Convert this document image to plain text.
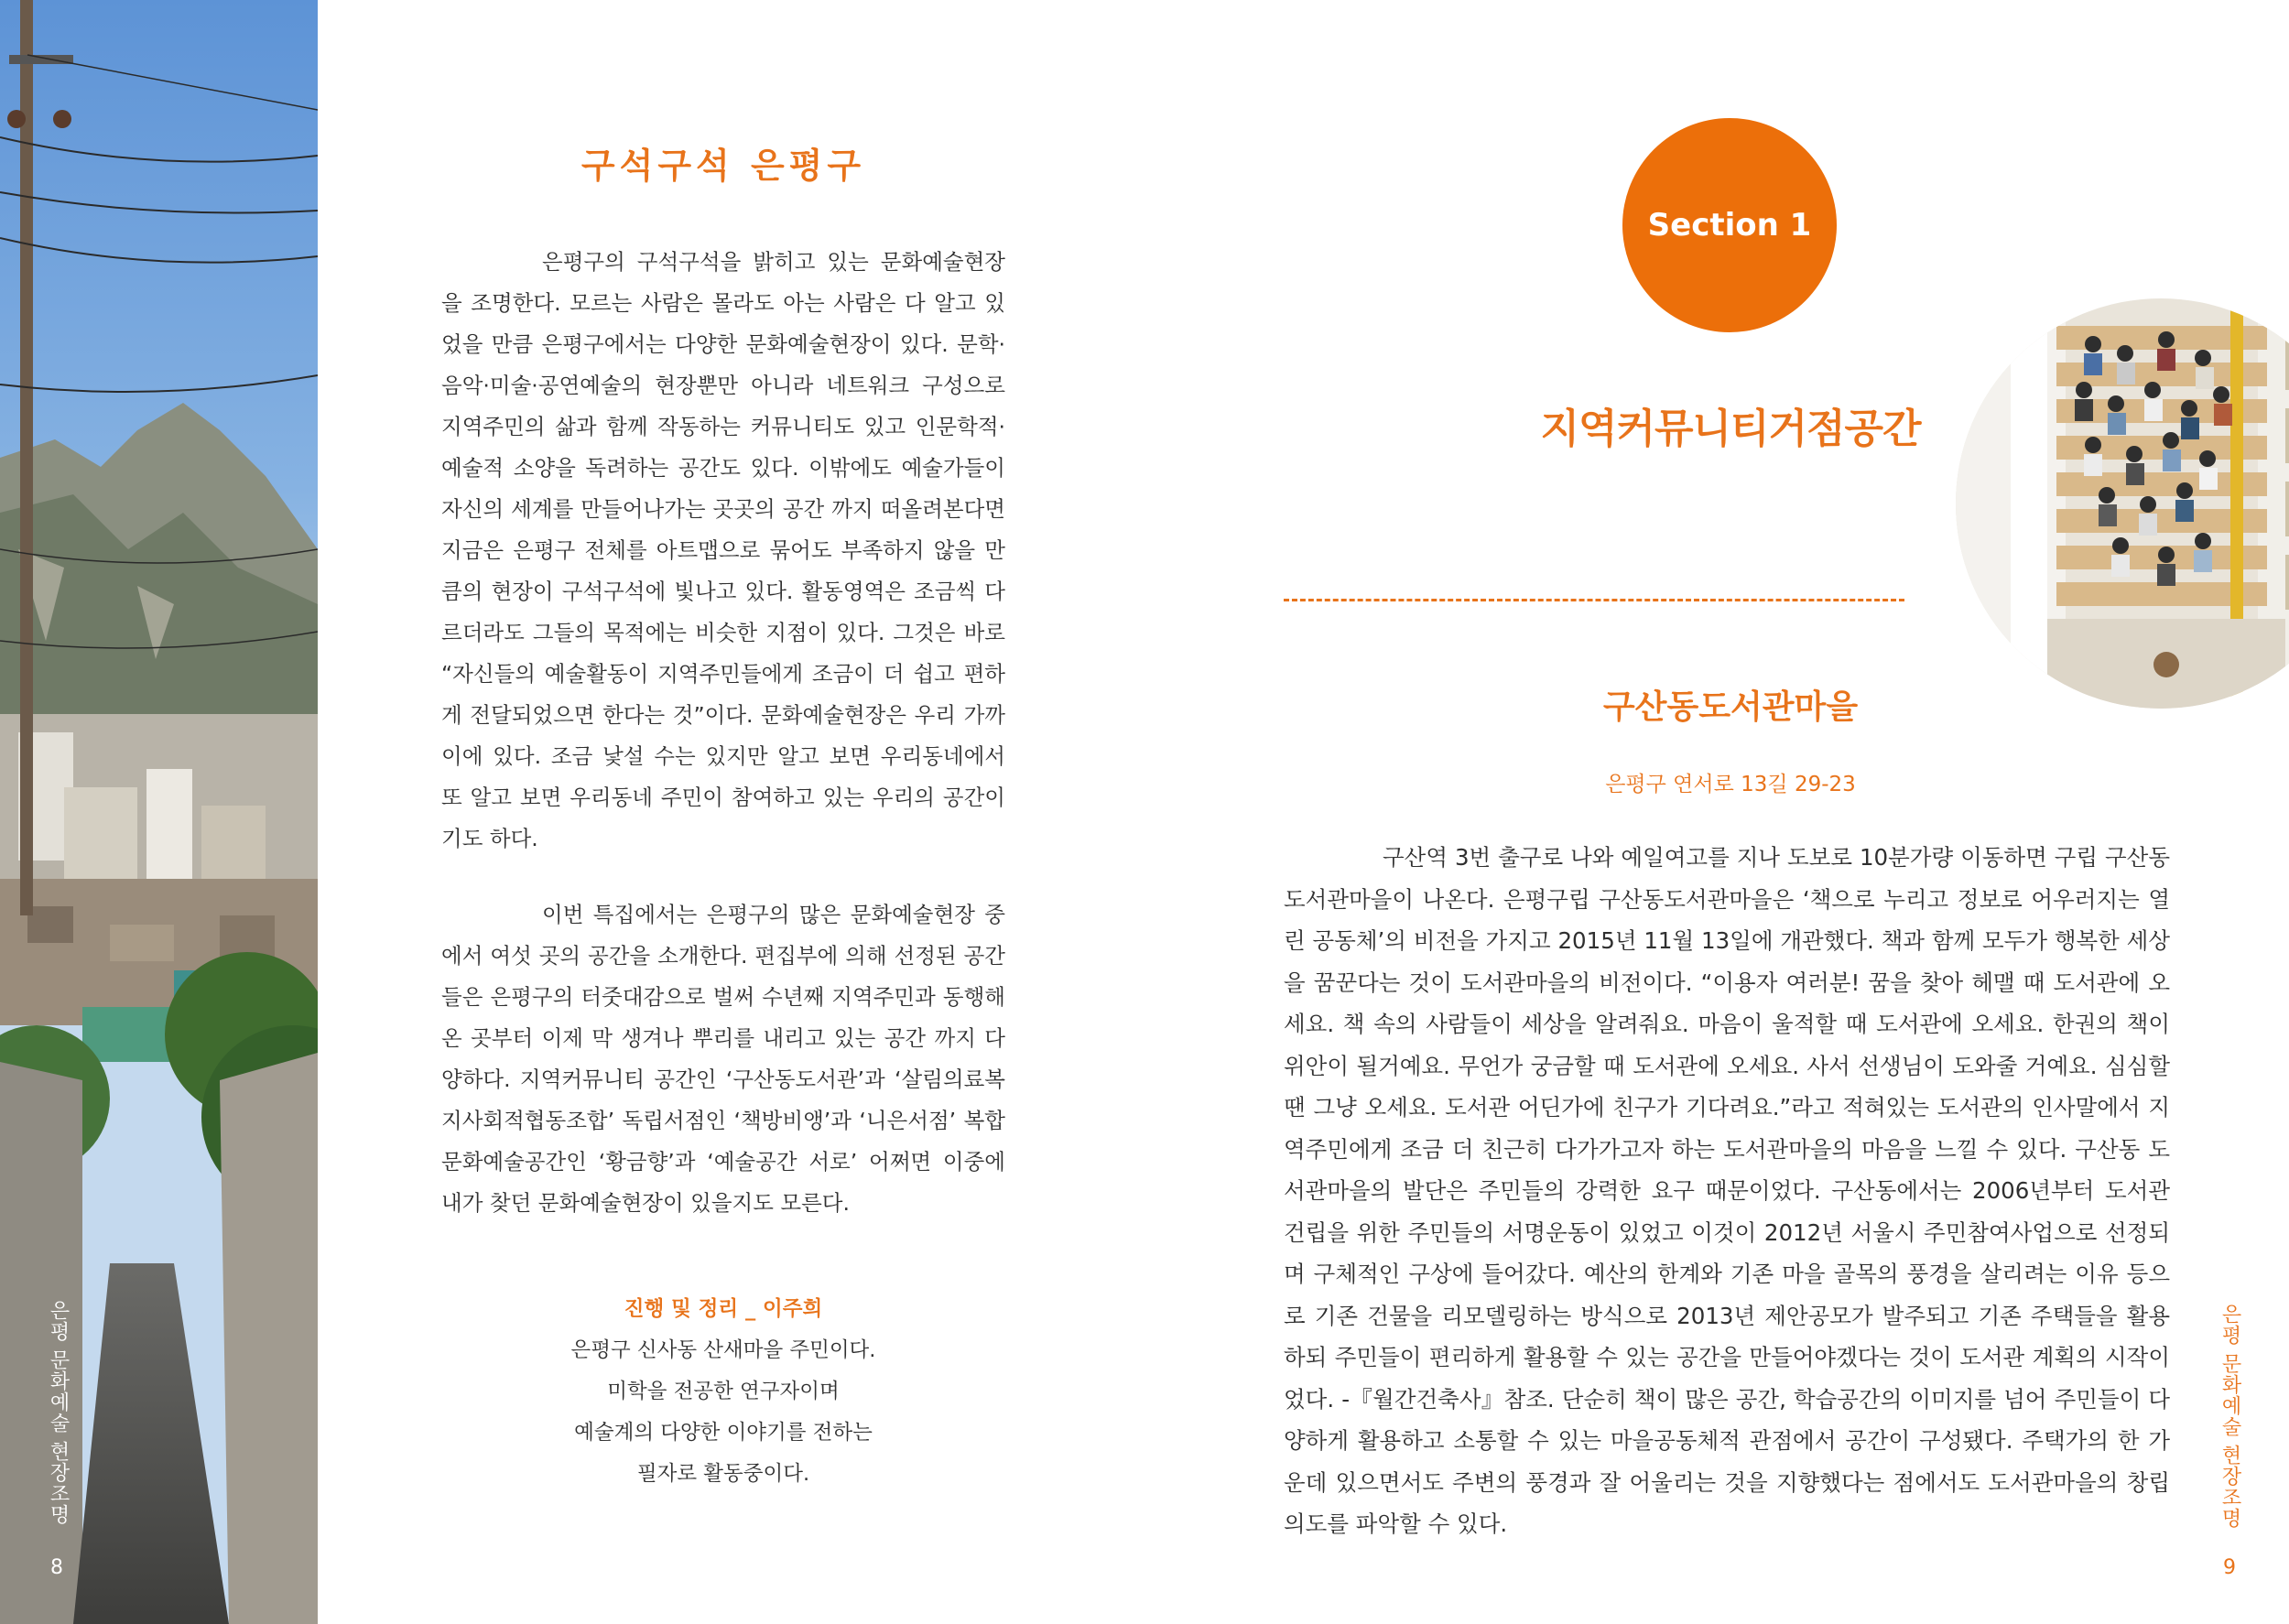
은평 문화예술 현장조명
8
구석구석 은평구

은평구의 구석구석을 밝히고 있는 문화예술현장을 조명한다. 모르는 사람은 몰라도 아는 사람은 다 알고 있었을 만큼 은평구에서는 다양한 문화예술현장이 있다. 문학·음악·미술·공연예술의 현장뿐만 아니라 네트워크 구성으로 지역주민의 삶과 함께 작동하는 커뮤니티도 있고 인문학적·예술적 소양을 독려하는 공간도 있다. 이밖에도 예술가들이 자신의 세계를 만들어나가는 곳곳의 공간 까지 떠올려본다면 지금은 은평구 전체를 아트맵으로 묶어도 부족하지 않을 만큼의 현장이 구석구석에 빛나고 있다. 활동영역은 조금씩 다르더라도 그들의 목적에는 비슷한 지점이 있다. 그것은 바로 “자신들의 예술활동이 지역주민들에게 조금이 더 쉽고 편하게 전달되었으면 한다는 것”이다. 문화예술현장은 우리 가까이에 있다. 조금 낯설 수는 있지만 알고 보면 우리동네에서 또 알고 보면 우리동네 주민이 참여하고 있는 우리의 공간이기도 하다.

이번 특집에서는 은평구의 많은 문화예술현장 중에서 여섯 곳의 공간을 소개한다. 편집부에 의해 선정된 공간들은 은평구의 터줏대감으로 벌써 수년째 지역주민과 동행해온 곳부터 이제 막 생겨나 뿌리를 내리고 있는 공간 까지 다양하다. 지역커뮤니티 공간인 ‘구산동도서관’과 ‘살림의료복지사회적협동조합’ 독립서점인 ‘책방비앵’과 ‘니은서점’ 복합문화예술공간인 ‘황금향’과 ‘예술공간 서로’ 어쩌면 이중에 내가 찾던 문화예술현장이 있을지도 모른다.

진행 및 정리 _ 이주희
은평구 신사동 산새마을 주민이다.
미학을 전공한 연구자이며
예술계의 다양한 이야기를 전하는
필자로 활동중이다.
Section 1
지역커뮤니티거점공간
구산동도서관마을
은평구 연서로 13길 29-23

구산역 3번 출구로 나와 예일여고를 지나 도보로 10분가량 이동하면 구립 구산동도서관마을이 나온다. 은평구립 구산동도서관마을은 ‘책으로 누리고 정보로 어우러지는 열린 공동체’의 비전을 가지고 2015년 11월 13일에 개관했다. 책과 함께 모두가 행복한 세상을 꿈꾼다는 것이 도서관마을의 비전이다. “이용자 여러분! 꿈을 찾아 헤맬 때 도서관에 오세요. 책 속의 사람들이 세상을 알려줘요. 마음이 울적할 때 도서관에 오세요. 한권의 책이 위안이 될거예요. 무언가 궁금할 때 도서관에 오세요. 사서 선생님이 도와줄 거예요. 심심할 땐 그냥 오세요. 도서관 어딘가에 친구가 기다려요.”라고 적혀있는 도서관의 인사말에서 지역주민에게 조금 더 친근히 다가가고자 하는 도서관마을의 마음을 느낄 수 있다. 구산동 도서관마을의 발단은 주민들의 강력한 요구 때문이었다. 구산동에서는 2006년부터 도서관 건립을 위한 주민들의 서명운동이 있었고 이것이 2012년 서울시 주민참여사업으로 선정되며 구체적인 구상에 들어갔다. 예산의 한계와 기존 마을 골목의 풍경을 살리려는 이유 등으로 기존 건물을 리모델링하는 방식으로 2013년 제안공모가 발주되고 기존 주택들을 활용하되 주민들이 편리하게 활용할 수 있는 공간을 만들어야겠다는 것이 도서관 계획의 시작이었다. -『월간건축사』참조. 단순히 책이 많은 공간, 학습공간의 이미지를 넘어 주민들이 다양하게 활용하고 소통할 수 있는 마을공동체적 관점에서 공간이 구성됐다. 주택가의 한 가운데 있으면서도 주변의 풍경과 잘 어울리는 것을 지향했다는 점에서도 도서관마을의 창립 의도를 파악할 수 있다.	은평 문화예술 현장조명
9
